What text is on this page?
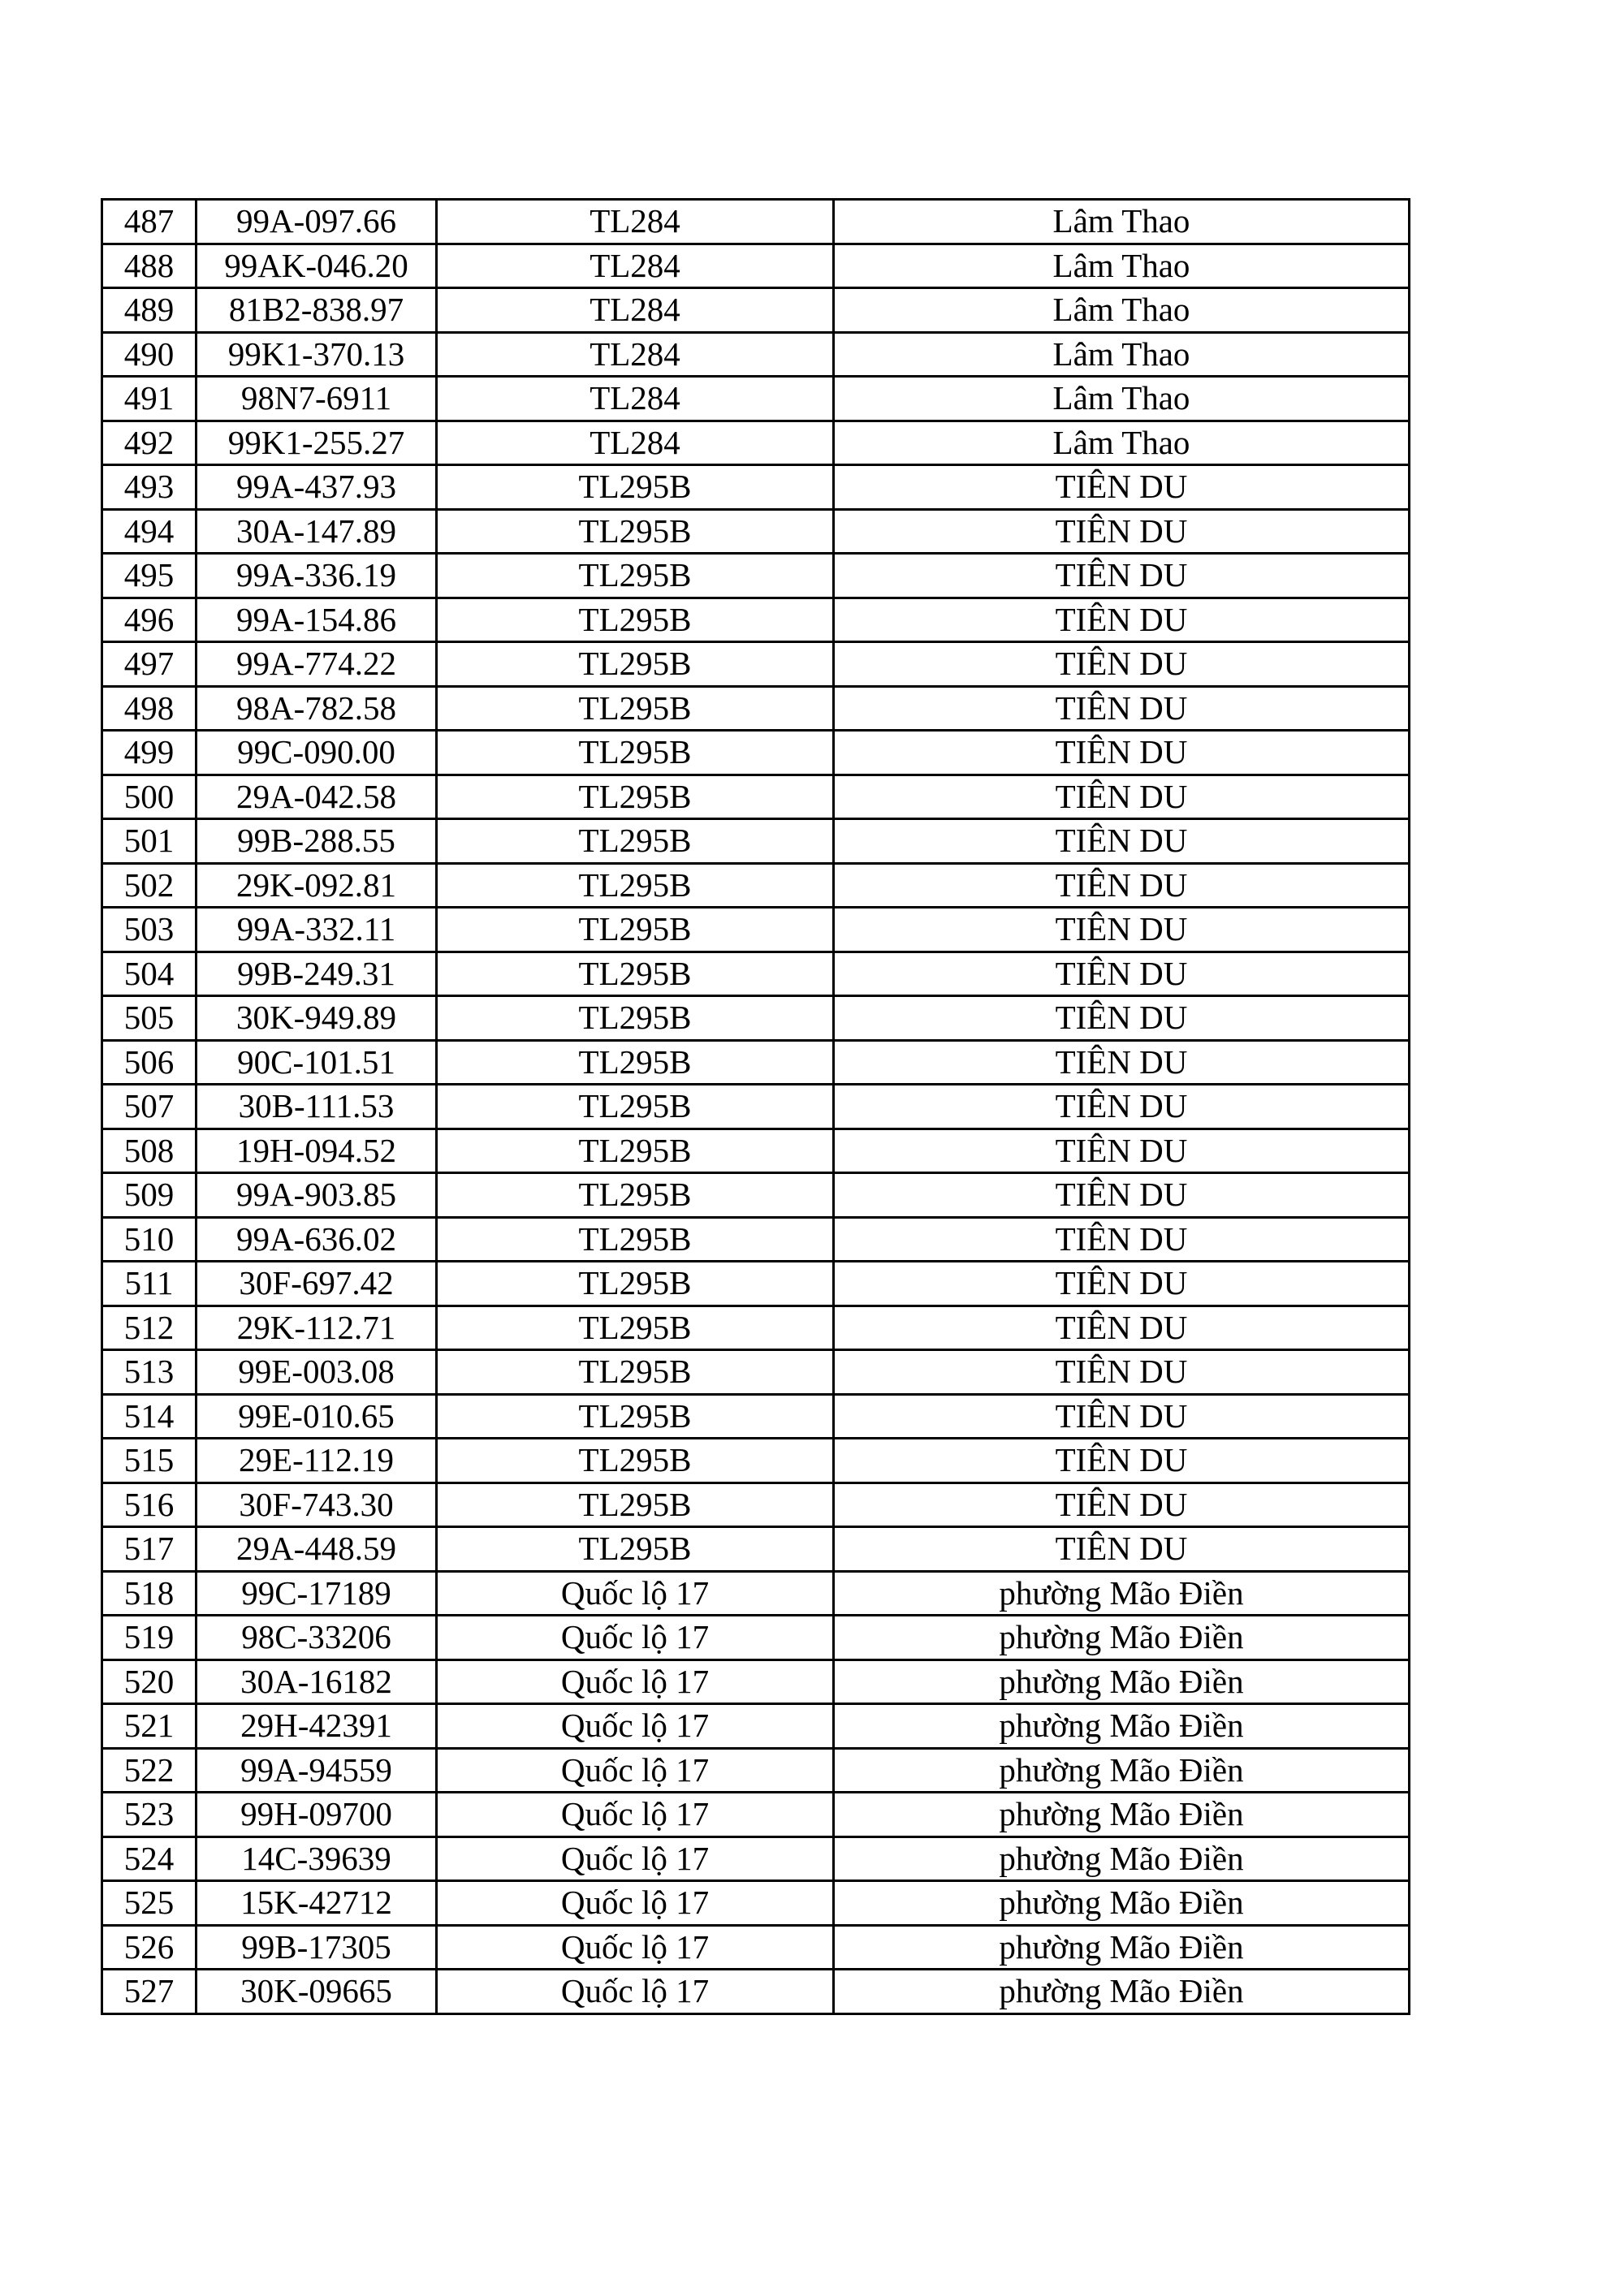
487	99A-097.66	TL284	Lâm Thao
488	99AK-046.20	TL284	Lâm Thao
489	81B2-838.97	TL284	Lâm Thao
490	99K1-370.13	TL284	Lâm Thao
491	98N7-6911	TL284	Lâm Thao
492	99K1-255.27	TL284	Lâm Thao
493	99A-437.93	TL295B	TIÊN DU
494	30A-147.89	TL295B	TIÊN DU
495	99A-336.19	TL295B	TIÊN DU
496	99A-154.86	TL295B	TIÊN DU
497	99A-774.22	TL295B	TIÊN DU
498	98A-782.58	TL295B	TIÊN DU
499	99C-090.00	TL295B	TIÊN DU
500	29A-042.58	TL295B	TIÊN DU
501	99B-288.55	TL295B	TIÊN DU
502	29K-092.81	TL295B	TIÊN DU
503	99A-332.11	TL295B	TIÊN DU
504	99B-249.31	TL295B	TIÊN DU
505	30K-949.89	TL295B	TIÊN DU
506	90C-101.51	TL295B	TIÊN DU
507	30B-111.53	TL295B	TIÊN DU
508	19H-094.52	TL295B	TIÊN DU
509	99A-903.85	TL295B	TIÊN DU
510	99A-636.02	TL295B	TIÊN DU
511	30F-697.42	TL295B	TIÊN DU
512	29K-112.71	TL295B	TIÊN DU
513	99E-003.08	TL295B	TIÊN DU
514	99E-010.65	TL295B	TIÊN DU
515	29E-112.19	TL295B	TIÊN DU
516	30F-743.30	TL295B	TIÊN DU
517	29A-448.59	TL295B	TIÊN DU
518	99C-17189	Quốc lộ 17	phường Mão Điền
519	98C-33206	Quốc lộ 17	phường Mão Điền
520	30A-16182	Quốc lộ 17	phường Mão Điền
521	29H-42391	Quốc lộ 17	phường Mão Điền
522	99A-94559	Quốc lộ 17	phường Mão Điền
523	99H-09700	Quốc lộ 17	phường Mão Điền
524	14C-39639	Quốc lộ 17	phường Mão Điền
525	15K-42712	Quốc lộ 17	phường Mão Điền
526	99B-17305	Quốc lộ 17	phường Mão Điền
527	30K-09665	Quốc lộ 17	phường Mão Điền
